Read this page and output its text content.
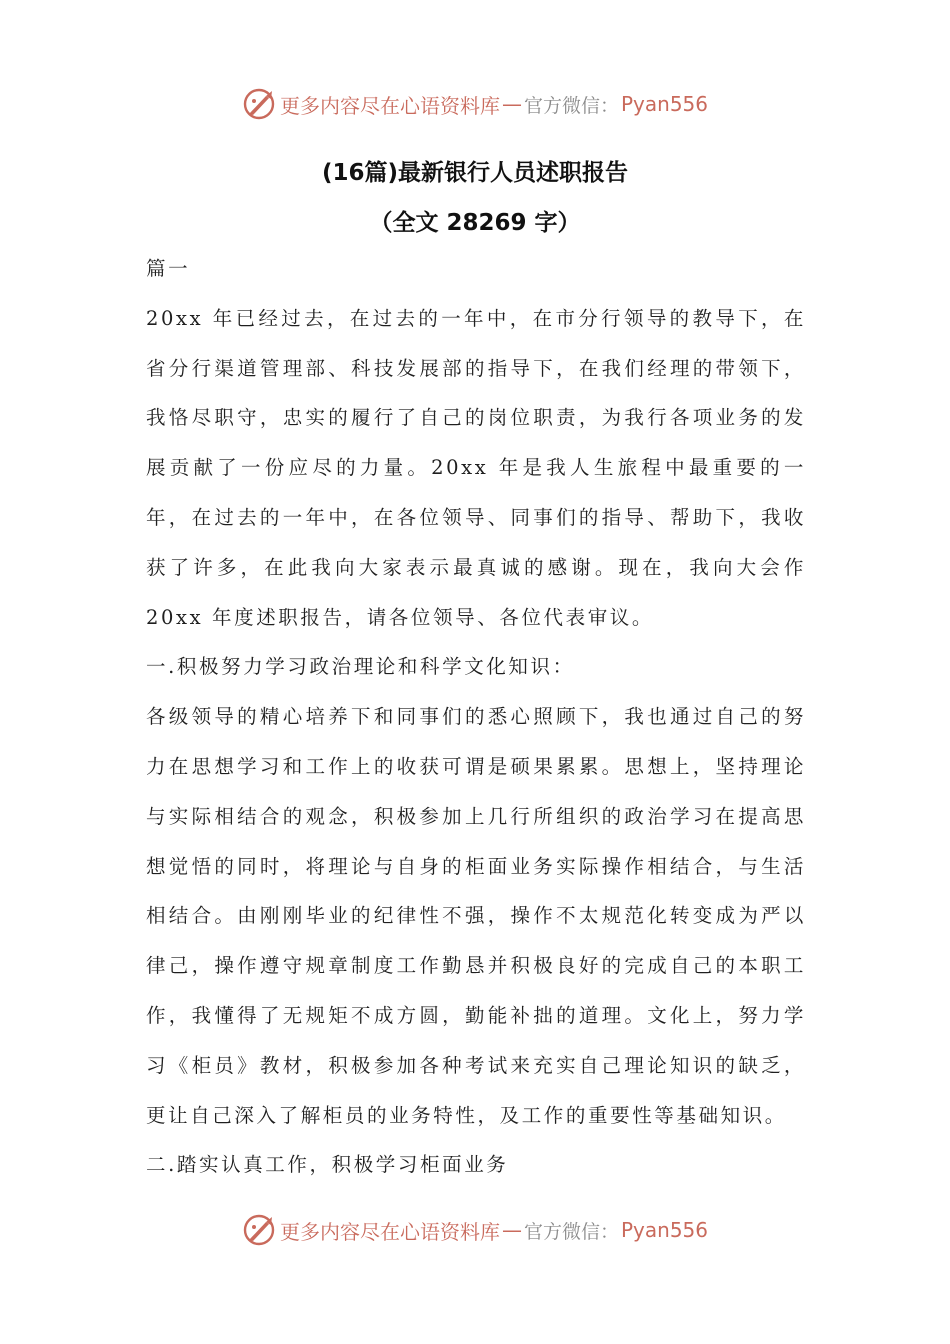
更多内容尽在心语资料库 — 官方微信： Pyan556
(16篇)最新银行人员述职报告
（全文 28269 字）

篇一

20xx 年已经过去，在过去的一年中，在市分行领导的教导下，在省分行渠道管理部、科技发展部的指导下，在我们经理的带领下，我恪尽职守，忠实的履行了自己的岗位职责，为我行各项业务的发展贡献了一份应尽的力量。20xx 年是我人生旅程中最重要的一年，在过去的一年中，在各位领导、同事们的指导、帮助下，我收获了许多，在此我向大家表示最真诚的感谢。现在，我向大会作 20xx 年度述职报告，请各位领导、各位代表审议。

一.积极努力学习政治理论和科学文化知识：

各级领导的精心培养下和同事们的悉心照顾下，我也通过自己的努力在思想学习和工作上的收获可谓是硕果累累。思想上，坚持理论与实际相结合的观念，积极参加上几行所组织的政治学习在提高思想觉悟的同时，将理论与自身的柜面业务实际操作相结合，与生活相结合。由刚刚毕业的纪律性不强，操作不太规范化转变成为严以律己，操作遵守规章制度工作勤恳并积极良好的完成自己的本职工作，我懂得了无规矩不成方圆，勤能补拙的道理。文化上，努力学习《柜员》教材，积极参加各种考试来充实自己理论知识的缺乏，更让自己深入了解柜员的业务特性，及工作的重要性等基础知识。

二.踏实认真工作，积极学习柜面业务

更多内容尽在心语资料库 — 官方微信： Pyan556
